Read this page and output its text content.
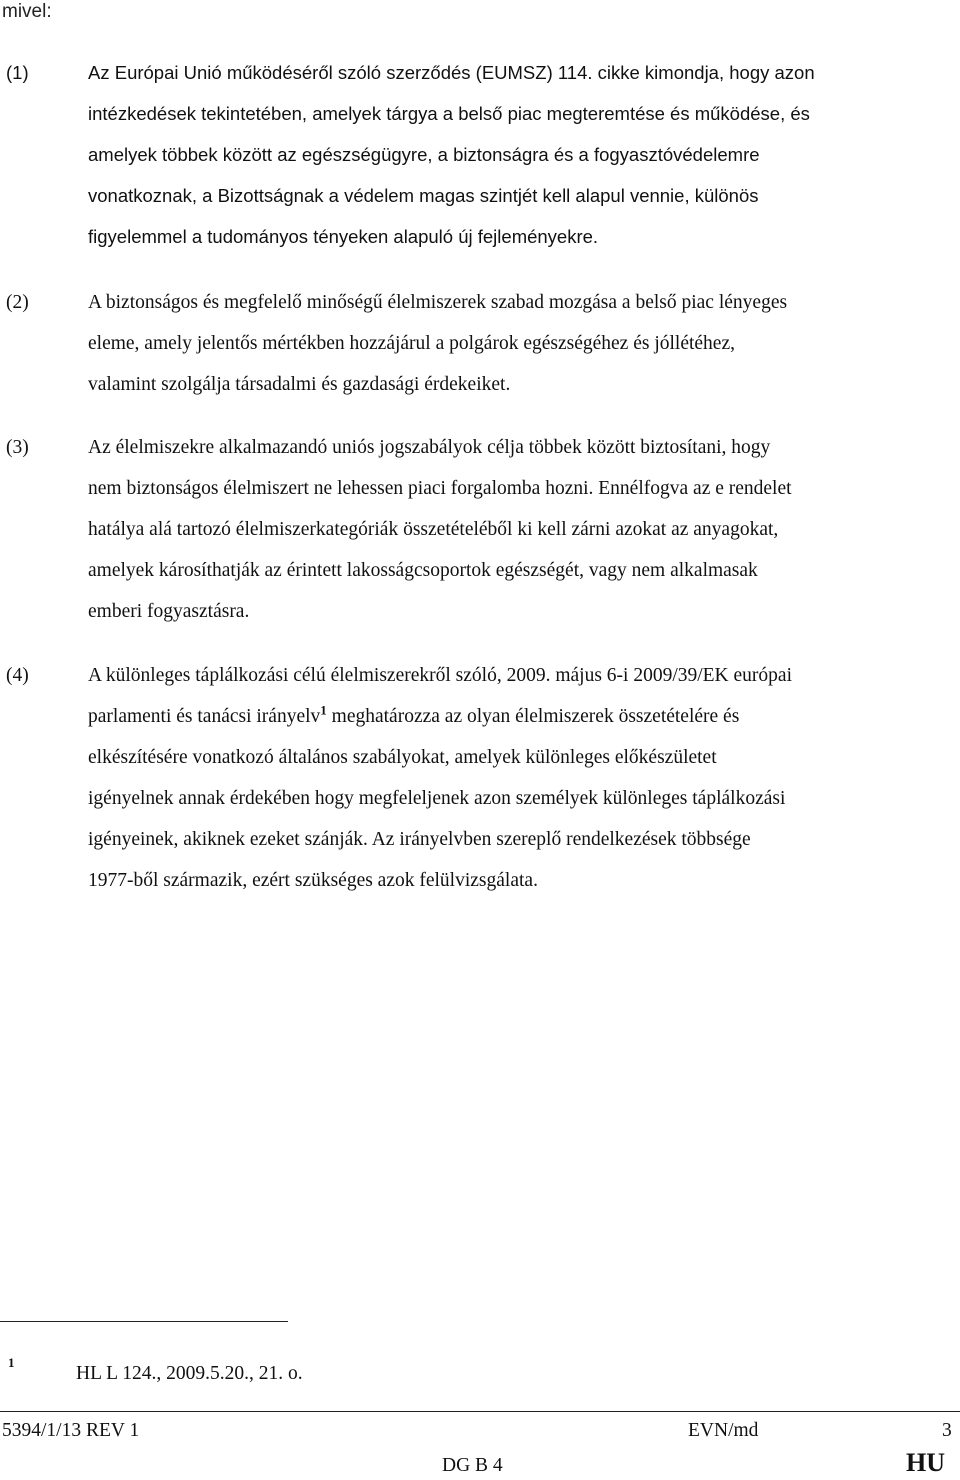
mivel:
(1)	Az Európai Unió működéséről szóló szerződés (EUMSZ) 114. cikke kimondja, hogy azon
intézkedések tekintetében, amelyek tárgya a belső piac megteremtése és működése, és
amelyek többek között az egészségügyre, a biztonságra és a fogyasztóvédelemre
vonatkoznak, a Bizottságnak a védelem magas szintjét kell alapul vennie, különös
figyelemmel a tudományos tényeken alapuló új fejleményekre.
(2)	A biztonságos és megfelelő minőségű élelmiszerek szabad mozgása a belső piac lényeges
eleme, amely jelentős mértékben hozzájárul a polgárok egészségéhez és jóllétéhez,
valamint szolgálja társadalmi és gazdasági érdekeiket.
(3)	Az élelmiszekre alkalmazandó uniós jogszabályok célja többek között biztosítani, hogy
nem biztonságos élelmiszert ne lehessen piaci forgalomba hozni. Ennélfogva az e rendelet
hatálya alá tartozó élelmiszerkategóriák összetételéből ki kell zárni azokat az anyagokat,
amelyek károsíthatják az érintett lakosságcsoportok egészségét, vagy nem alkalmasak
emberi fogyasztásra.
(4)	A különleges táplálkozási célú élelmiszerekről szóló, 2009. május 6-i 2009/39/EK európai
parlamenti és tanácsi irányelv$^1$ meghatározza az olyan élelmiszerek összetételére és
elkészítésére vonatkozó általános szabályokat, amelyek különleges előkészületet
igényelnek annak érdekében hogy megfeleljenek azon személyek különleges táplálkozási
igényeinek, akiknek ezeket szánják. Az irányelvben szereplő rendelkezések többsége
1977-ből származik, ezért szükséges azok felülvizsgálata.
1
HL L 124., 2009.5.20., 21. o.
5394/1/13 REV 1	EVN/md	3
DG B 4	HU
